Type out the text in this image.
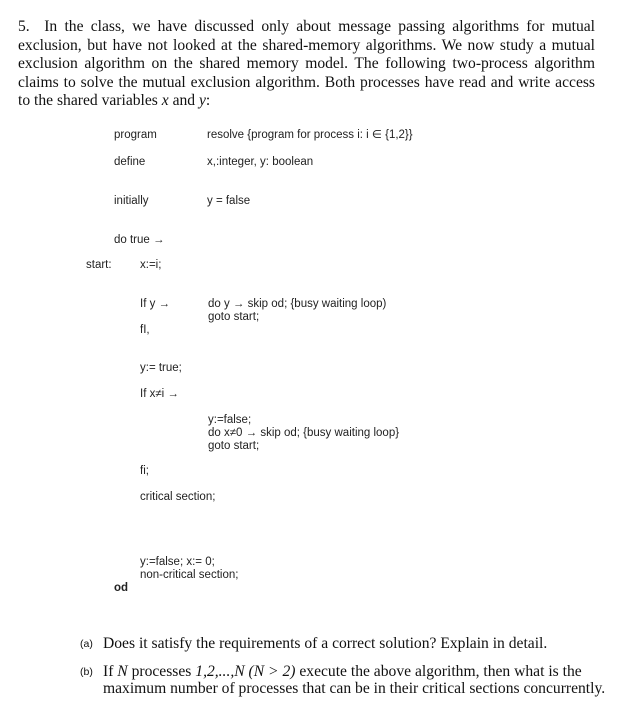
5. In the class, we have discussed only about message passing algorithms for mutual exclusion, but have not looked at the shared-memory algorithms. We now study a mutual exclusion algorithm on the shared memory model. The following two-process algorithm claims to solve the mutual exclusion algorithm. Both processes have read and write access to the shared variables x and y:

program	resolve {program for process i: i ∈ {1,2}}
define	x,:integer, y: boolean
initially	y = false
do true →
start: x:=i;
If y →	do y → skip od; {busy waiting loop)
goto start;
fI,
y:= true;
If x≠i →
y:=false;
do x≠0 → skip od; {busy waiting loop}
goto start;
fi;
critical section;
y:=false; x:= 0;
non-critical section;
od
(a) Does it satisfy the requirements of a correct solution? Explain in detail.
(b) If N processes 1,2,...,N (N > 2) execute the above algorithm, then what is the maximum number of processes that can be in their critical sections concurrently.
